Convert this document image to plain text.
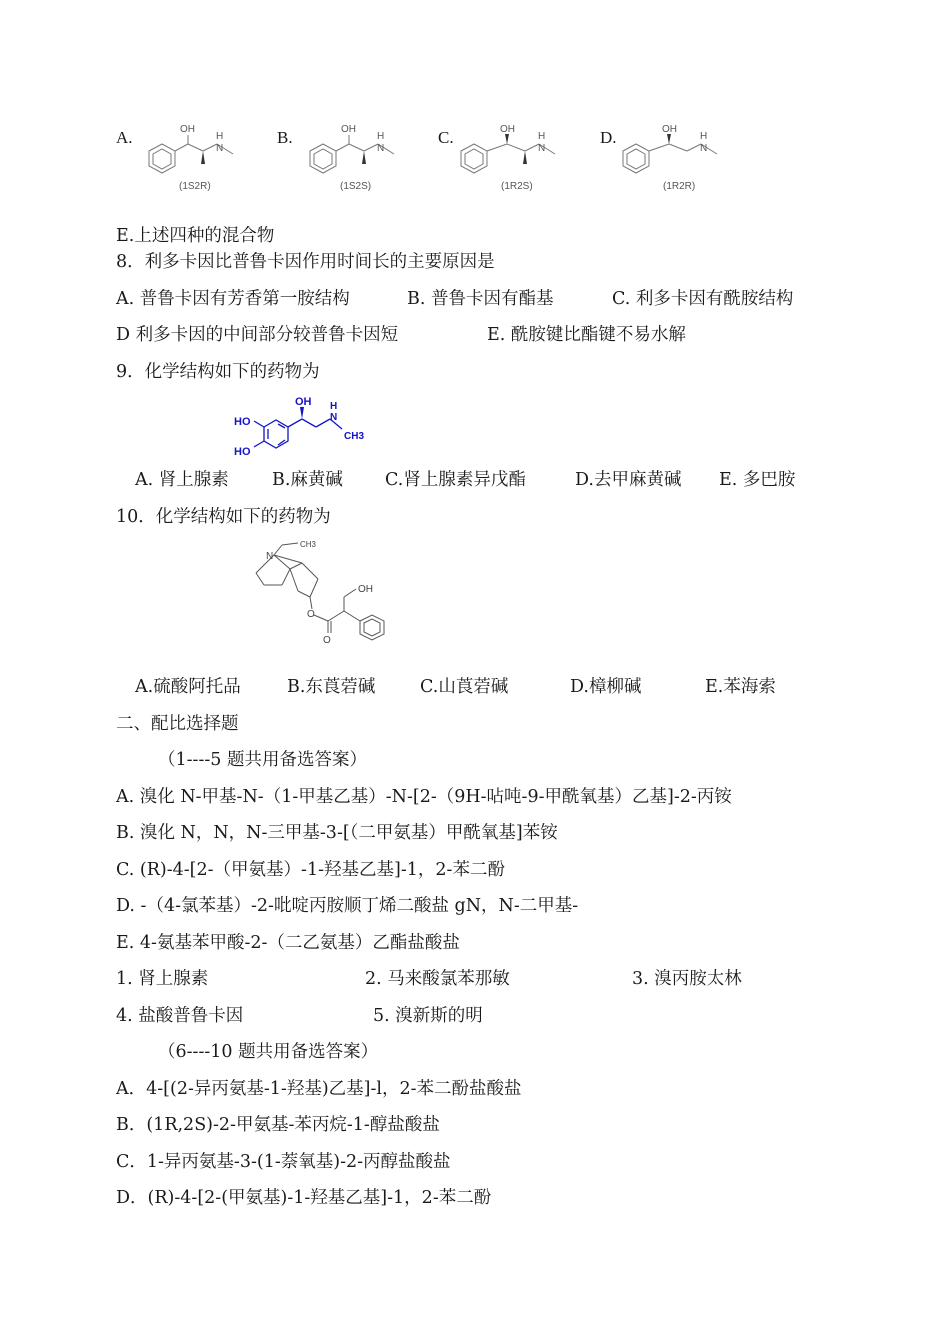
A.	OH
H
N
(1S2R)
B.	OH
H
N
(1S2S)
C.	OH
H
N
(1R2S)
D.	OH
H
N
(1R2R)
E.上述四种的混合物
8．利多卡因比普鲁卡因作用时间长的主要原因是
A. 普鲁卡因有芳香第一胺结构	B. 普鲁卡因有酯基	C. 利多卡因有酰胺结构
D 利多卡因的中间部分较普鲁卡因短	E. 酰胺键比酯键不易水解
9．化学结构如下的药物为
HO
HO
OH H
N
CH3
A. 肾上腺素 B.麻黄碱 C.肾上腺素异戊酯	D.去甲麻黄碱 E. 多巴胺
10．化学结构如下的药物为
N
CH3
O
O
OH
A.硫酸阿托品	B.东莨菪碱	C.山莨菪碱	D.樟柳碱	E.苯海索
二、配比选择题
（1----5 题共用备选答案）
A. 溴化 N-甲基-N-（1-甲基乙基）-N-[2-（9H-呫吨-9-甲酰氧基）乙基]-2-丙铵
B. 溴化 N，N，N-三甲基-3-[（二甲氨基）甲酰氧基]苯铵
C. (R)-4-[2-（甲氨基）-1-羟基乙基]-1，2-苯二酚
D. -（4-氯苯基）-2-吡啶丙胺顺丁烯二酸盐 gN，N-二甲基-
E. 4-氨基苯甲酸-2-（二乙氨基）乙酯盐酸盐
1. 肾上腺素	2. 马来酸氯苯那敏	3. 溴丙胺太林
4. 盐酸普鲁卡因	5. 溴新斯的明
（6----10 题共用备选答案）
A．4-[(2-异丙氨基-1-羟基)乙基]-l，2-苯二酚盐酸盐
B．(1R,2S)-2-甲氨基-苯丙烷-1-醇盐酸盐
C．1-异丙氨基-3-(1-萘氧基)-2-丙醇盐酸盐
D．(R)-4-[2-(甲氨基)-1-羟基乙基]-1，2-苯二酚
